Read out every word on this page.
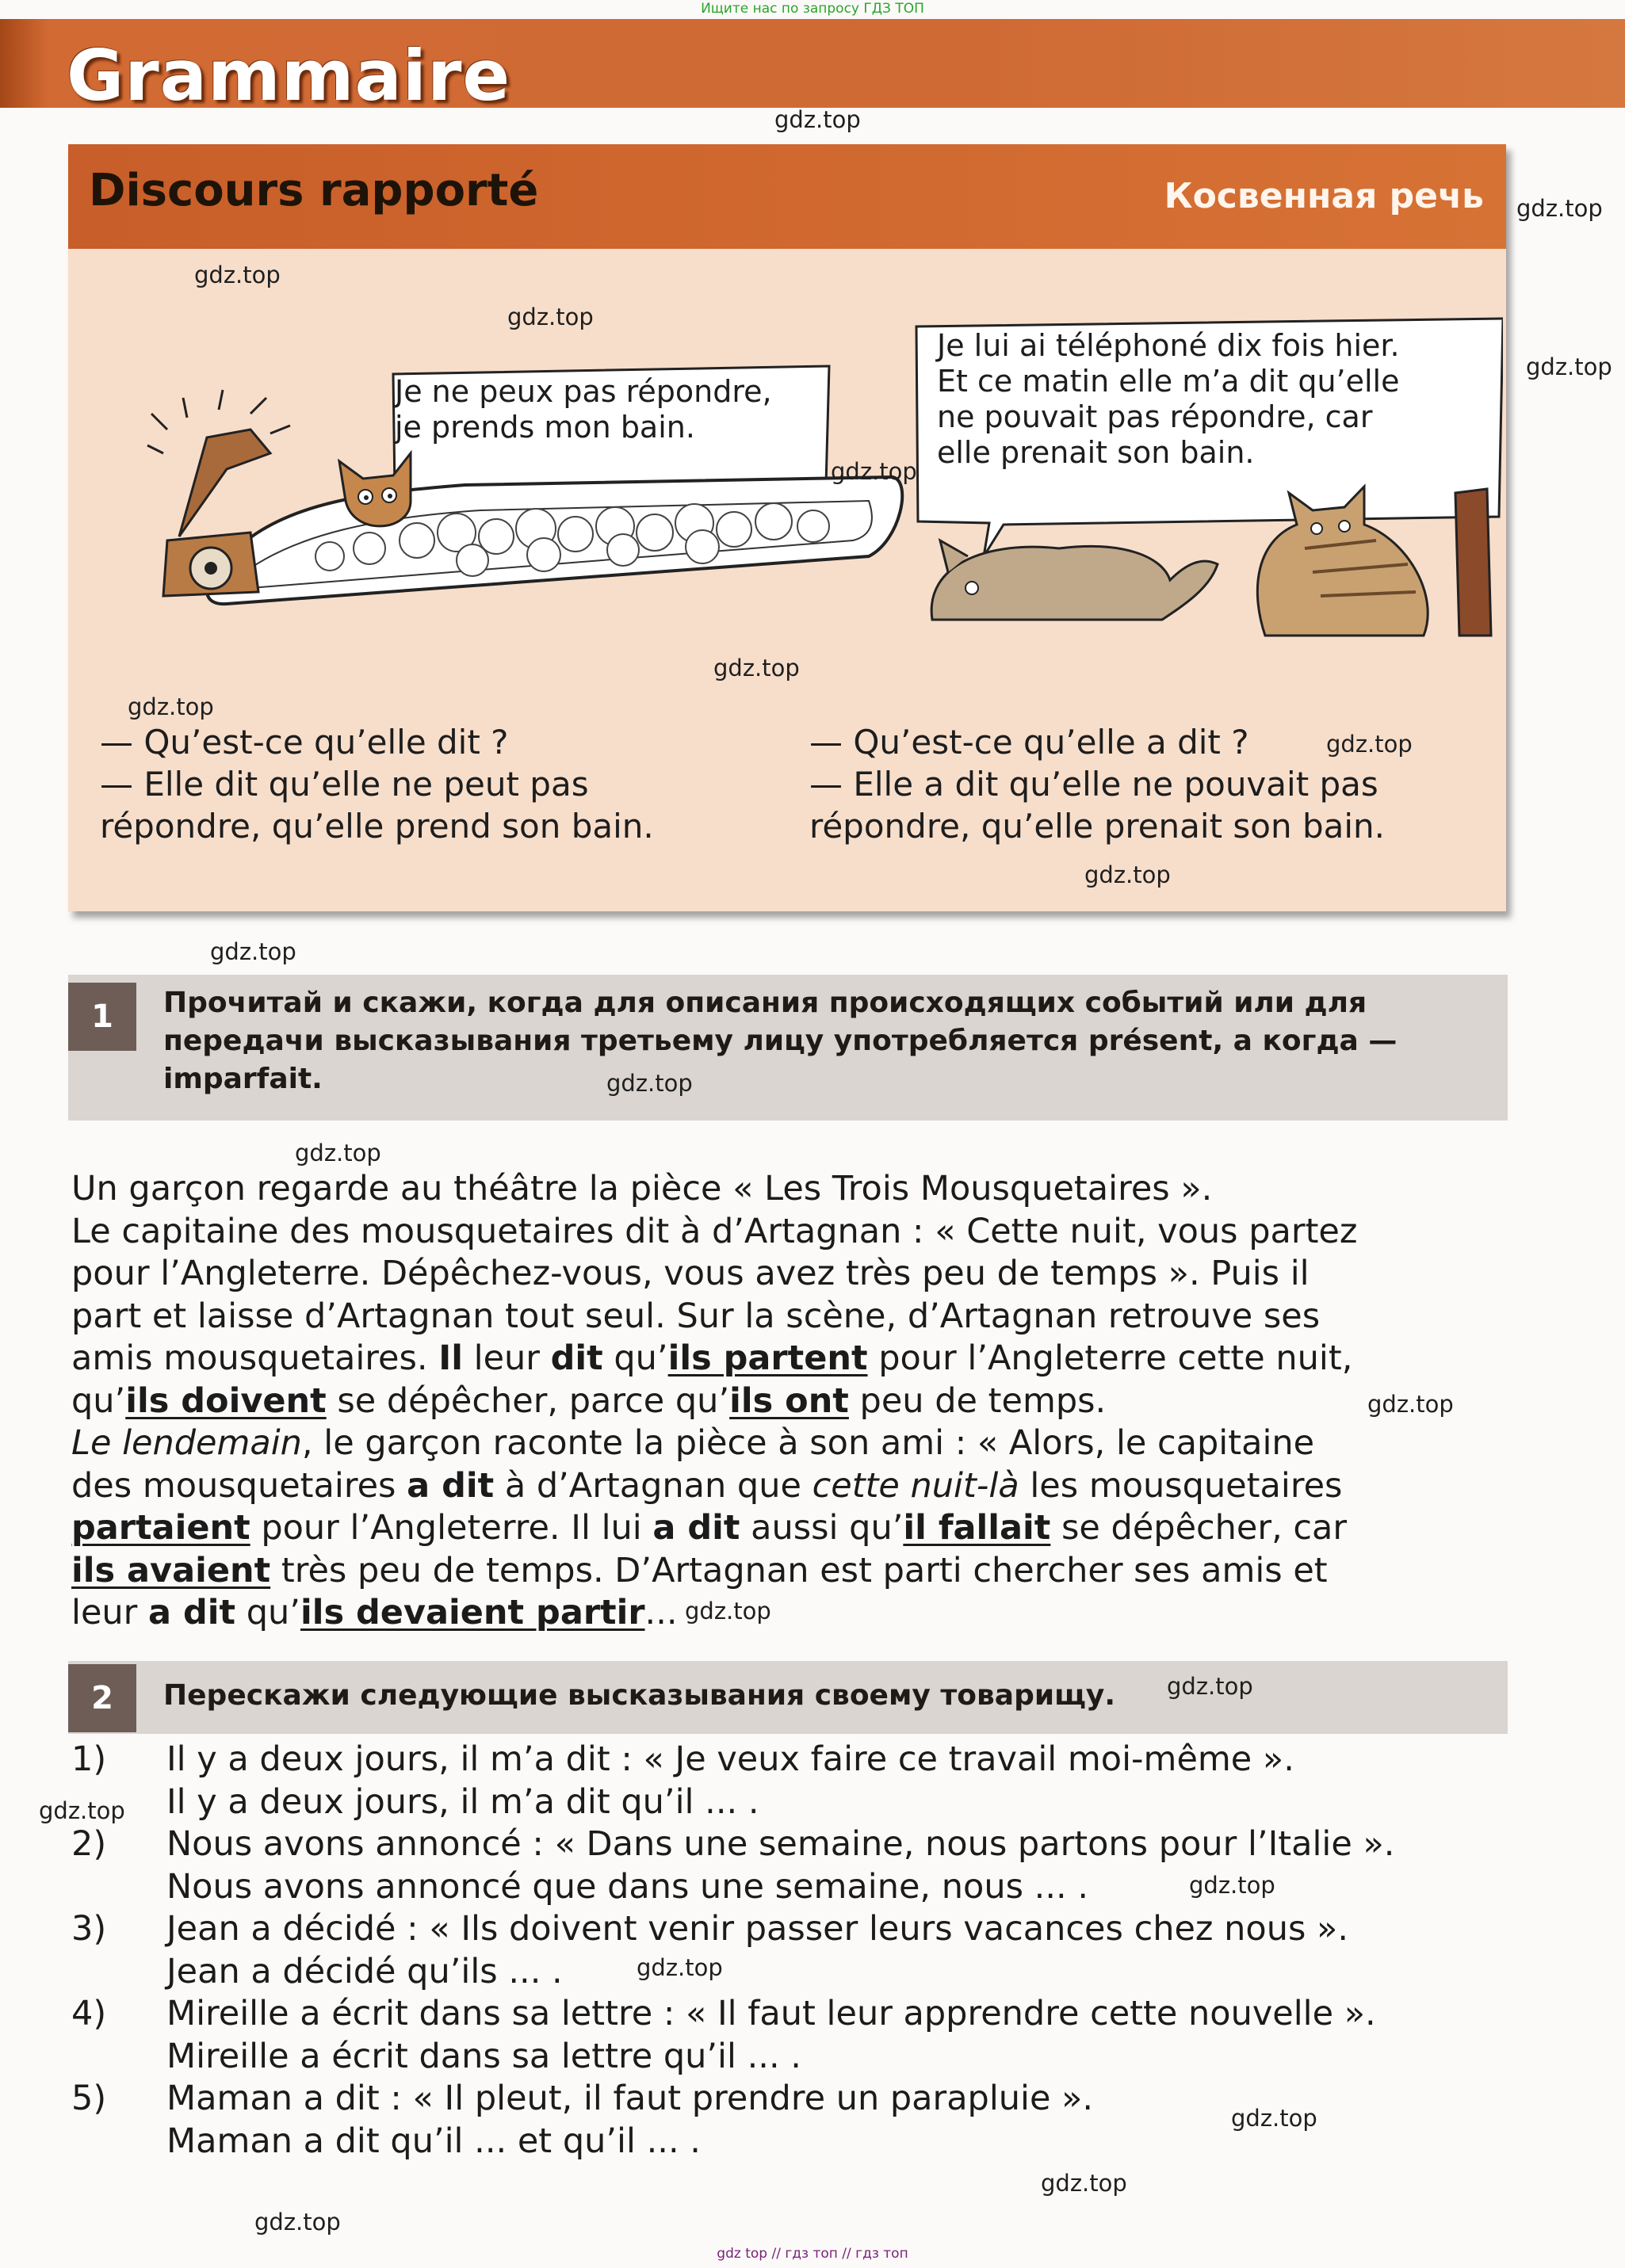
Ищите нас по запросу ГДЗ ТОП
Grammaire
Discours rapporté	Косвенная речь
Je ne peux pas répondre,
je prends mon bain.
Je lui ai téléphoné dix fois hier.
Et ce matin elle m’a dit qu’elle
ne pouvait pas répondre, car
elle prenait son bain.
— Qu’est-ce qu’elle dit ?
— Elle dit qu’elle ne peut pas
répondre, qu’elle prend son bain.
— Qu’est-ce qu’elle a dit ?
— Elle a dit qu’elle ne pouvait pas
répondre, qu’elle prenait son bain.
1	Прочитай и скажи, когда для описания происходящих событий или для
передачи высказывания третьему лицу употребляется présent, а когда —
imparfait.
Un garçon regarde au théâtre la pièce « Les Trois Mousquetaires ».
Le capitaine des mousquetaires dit à d’Artagnan : « Cette nuit, vous partez
pour l’Angleterre. Dépêchez-vous, vous avez très peu de temps ». Puis il
part et laisse d’Artagnan tout seul. Sur la scène, d’Artagnan retrouve ses
amis mousquetaires. Il leur dit qu’ils partent pour l’Angleterre cette nuit,
qu’ils doivent se dépêcher, parce qu’ils ont peu de temps.
Le lendemain, le garçon raconte la pièce à son ami : « Alors, le capitaine
des mousquetaires a dit à d’Artagnan que cette nuit-là les mousquetaires
partaient pour l’Angleterre. Il lui a dit aussi qu’il fallait se dépêcher, car
ils avaient très peu de temps. D’Artagnan est parti chercher ses amis et
leur a dit qu’ils devaient partir...
2	Перескажи следующие высказывания своему товарищу.
1) Il y a deux jours, il m’a dit : « Je veux faire ce travail moi-même ».
Il y a deux jours, il m’a dit qu’il ... .
2) Nous avons annoncé : « Dans une semaine, nous partons pour l’Italie ».
Nous avons annoncé que dans une semaine, nous ... .
3) Jean a décidé : « Ils doivent venir passer leurs vacances chez nous ».
Jean a décidé qu’ils ... .
4) Mireille a écrit dans sa lettre : « Il faut leur apprendre cette nouvelle ».
Mireille a écrit dans sa lettre qu’il ... .
5) Maman a dit : « Il pleut, il faut prendre un parapluie ».
Maman a dit qu’il ... et qu’il ... .
gdz.top
gdz.top
gdz.top
gdz.top
gdz.top
gdz.top
gdz.top
gdz.top
gdz.top
gdz.top
gdz.top
gdz.top
gdz.top
gdz.top
gdz.top
gdz.top
gdz.top
gdz.top
gdz.top
gdz.top
gdz.top
gdz.top
gdz top // гдз топ // гдз топ
